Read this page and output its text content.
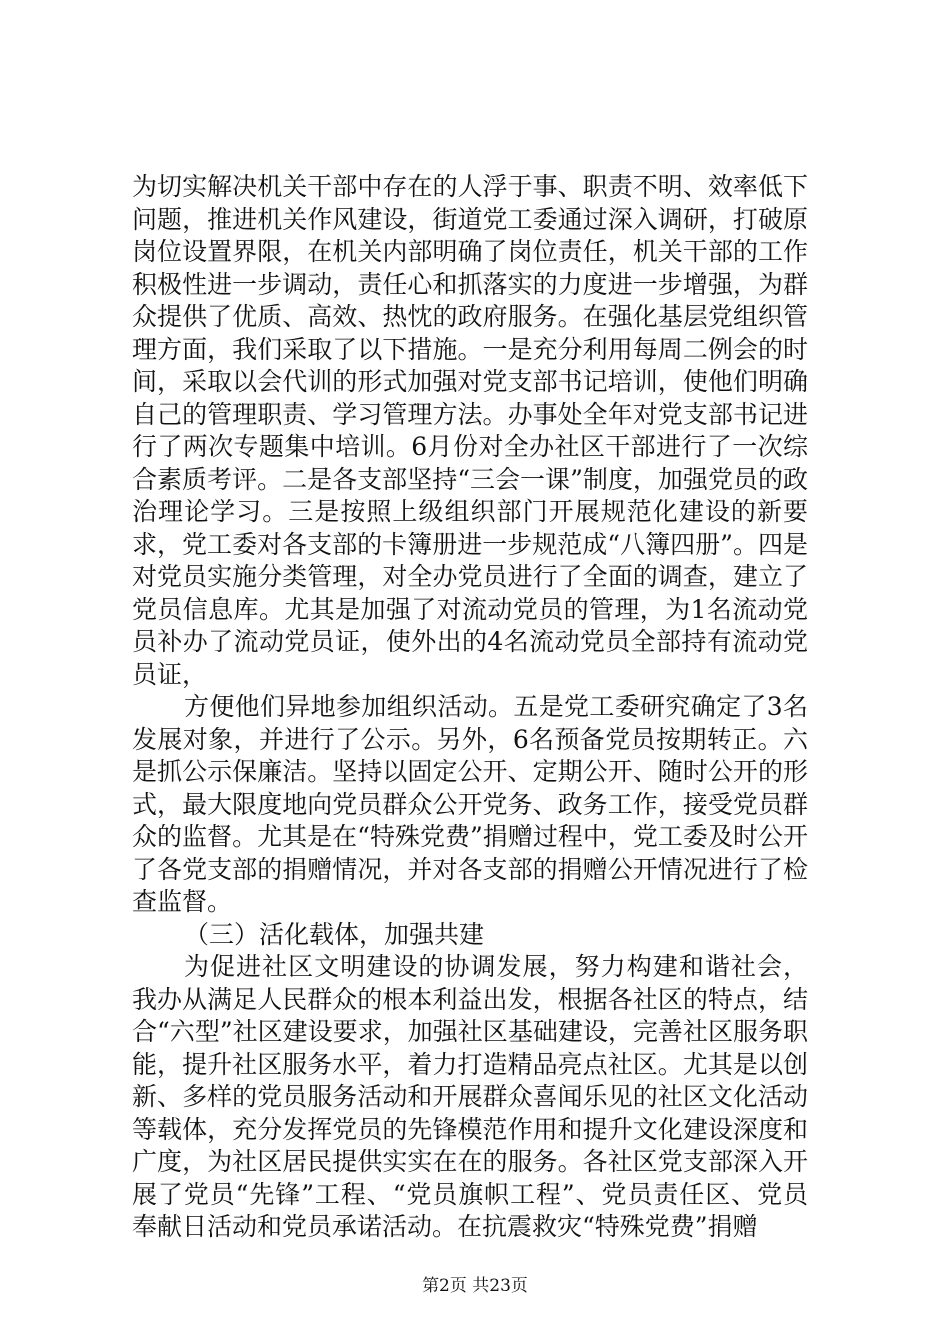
为切实解决机关干部中存在的人浮于事、职责不明、效率低下问题，推进机关作风建设，街道党工委通过深入调研，打破原岗位设置界限，在机关内部明确了岗位责任，机关干部的工作积极性进一步调动，责任心和抓落实的力度进一步增强，为群众提供了优质、高效、热忱的政府服务。在强化基层党组织管理方面，我们采取了以下措施。一是充分利用每周二例会的时间，采取以会代训的形式加强对党支部书记培训，使他们明确自己的管理职责、学习管理方法。办事处全年对党支部书记进行了两次专题集中培训。6月份对全办社区干部进行了一次综合素质考评。二是各支部坚持“三会一课”制度，加强党员的政治理论学习。三是按照上级组织部门开展规范化建设的新要求，党工委对各支部的卡簿册进一步规范成“八簿四册”。四是对党员实施分类管理，对全办党员进行了全面的调查，建立了党员信息库。尤其是加强了对流动党员的管理，为1名流动党员补办了流动党员证，使外出的4名流动党员全部持有流动党员证，

方便他们异地参加组织活动。五是党工委研究确定了3名发展对象，并进行了公示。另外，6名预备党员按期转正。六是抓公示保廉洁。坚持以固定公开、定期公开、随时公开的形式，最大限度地向党员群众公开党务、政务工作，接受党员群众的监督。尤其是在“特殊党费”捐赠过程中，党工委及时公开了各党支部的捐赠情况，并对各支部的捐赠公开情况进行了检查监督。

（三）活化载体，加强共建

为促进社区文明建设的协调发展，努力构建和谐社会，我办从满足人民群众的根本利益出发，根据各社区的特点，结合“六型”社区建设要求，加强社区基础建设，完善社区服务职能，提升社区服务水平，着力打造精品亮点社区。尤其是以创新、多样的党员服务活动和开展群众喜闻乐见的社区文化活动等载体，充分发挥党员的先锋模范作用和提升文化建设深度和广度，为社区居民提供实实在在的服务。各社区党支部深入开展了党员“先锋”工程、“党员旗帜工程”、党员责任区、党员奉献日活动和党员承诺活动。在抗震救灾“特殊党费”捐赠

第2页 共23页
